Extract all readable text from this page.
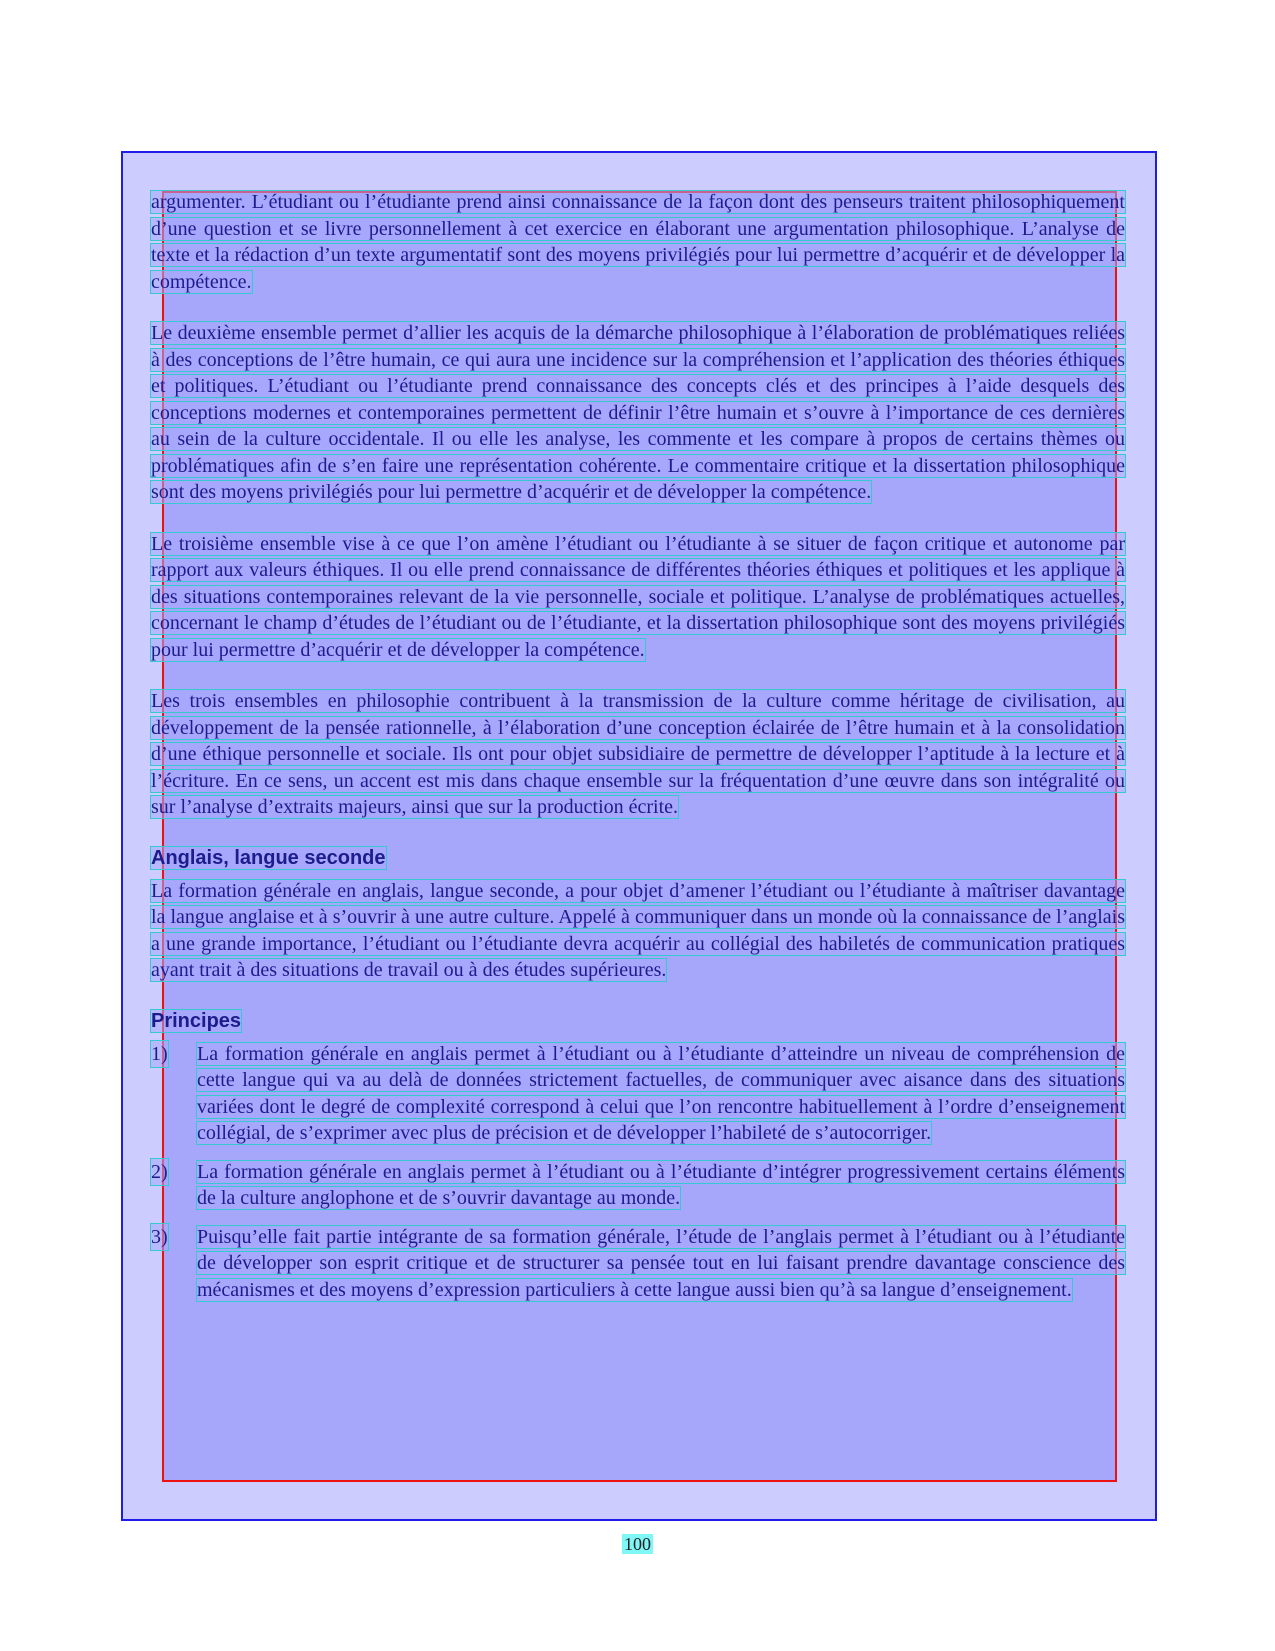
argumenter. L’étudiant ou l’étudiante prend ainsi connaissance de la façon dont des penseurs traitent philosophiquement d’une question et se livre personnellement à cet exercice en élaborant une argumentation philosophique. L’analyse de texte et la rédaction d’un texte argumentatif sont des moyens privilégiés pour lui permettre d’acquérir et de développer la compétence.

Le deuxième ensemble permet d’allier les acquis de la démarche philosophique à l’élaboration de problématiques reliées à des conceptions de l’être humain, ce qui aura une incidence sur la compréhension et l’application des théories éthiques et politiques. L’étudiant ou l’étudiante prend connaissance des concepts clés et des principes à l’aide desquels des conceptions modernes et contemporaines permettent de définir l’être humain et s’ouvre à l’importance de ces dernières au sein de la culture occidentale. Il ou elle les analyse, les commente et les compare à propos de certains thèmes ou problématiques afin de s’en faire une représentation cohérente. Le commentaire critique et la dissertation philosophique sont des moyens privilégiés pour lui permettre d’acquérir et de développer la compétence.

Le troisième ensemble vise à ce que l’on amène l’étudiant ou l’étudiante à se situer de façon critique et autonome par rapport aux valeurs éthiques. Il ou elle prend connaissance de différentes théories éthiques et politiques et les applique à des situations contemporaines relevant de la vie personnelle, sociale et politique. L’analyse de problématiques actuelles, concernant le champ d’études de l’étudiant ou de l’étudiante, et la dissertation philosophique sont des moyens privilégiés pour lui permettre d’acquérir et de développer la compétence.

Les trois ensembles en philosophie contribuent à la transmission de la culture comme héritage de civilisation, au développement de la pensée rationnelle, à l’élaboration d’une conception éclairée de l’être humain et à la consolidation d’une éthique personnelle et sociale. Ils ont pour objet subsidiaire de permettre de développer l’aptitude à la lecture et à l’écriture. En ce sens, un accent est mis dans chaque ensemble sur la fréquentation d’une œuvre dans son intégralité ou sur l’analyse d’extraits majeurs, ainsi que sur la production écrite.

Anglais, langue seconde

La formation générale en anglais, langue seconde, a pour objet d’amener l’étudiant ou l’étudiante à maîtriser davantage la langue anglaise et à s’ouvrir à une autre culture. Appelé à communiquer dans un monde où la connaissance de l’anglais a une grande importance, l’étudiant ou l’étudiante devra acquérir au collégial des habiletés de communication pratiques ayant trait à des situations de travail ou à des études supérieures.

Principes
1) La formation générale en anglais permet à l’étudiant ou à l’étudiante d’atteindre un niveau de compréhension de cette langue qui va au delà de données strictement factuelles, de communiquer avec aisance dans des situations variées dont le degré de complexité correspond à celui que l’on rencontre habituellement à l’ordre d’enseignement collégial, de s’exprimer avec plus de précision et de développer l’habileté de s’autocorriger.
2) La formation générale en anglais permet à l’étudiant ou à l’étudiante d’intégrer progressivement certains éléments de la culture anglophone et de s’ouvrir davantage au monde.
3) Puisqu’elle fait partie intégrante de sa formation générale, l’étude de l’anglais permet à l’étudiant ou à l’étudiante de développer son esprit critique et de structurer sa pensée tout en lui faisant prendre davantage conscience des mécanismes et des moyens d’expression particuliers à cette langue aussi bien qu’à sa langue d’enseignement.
100
